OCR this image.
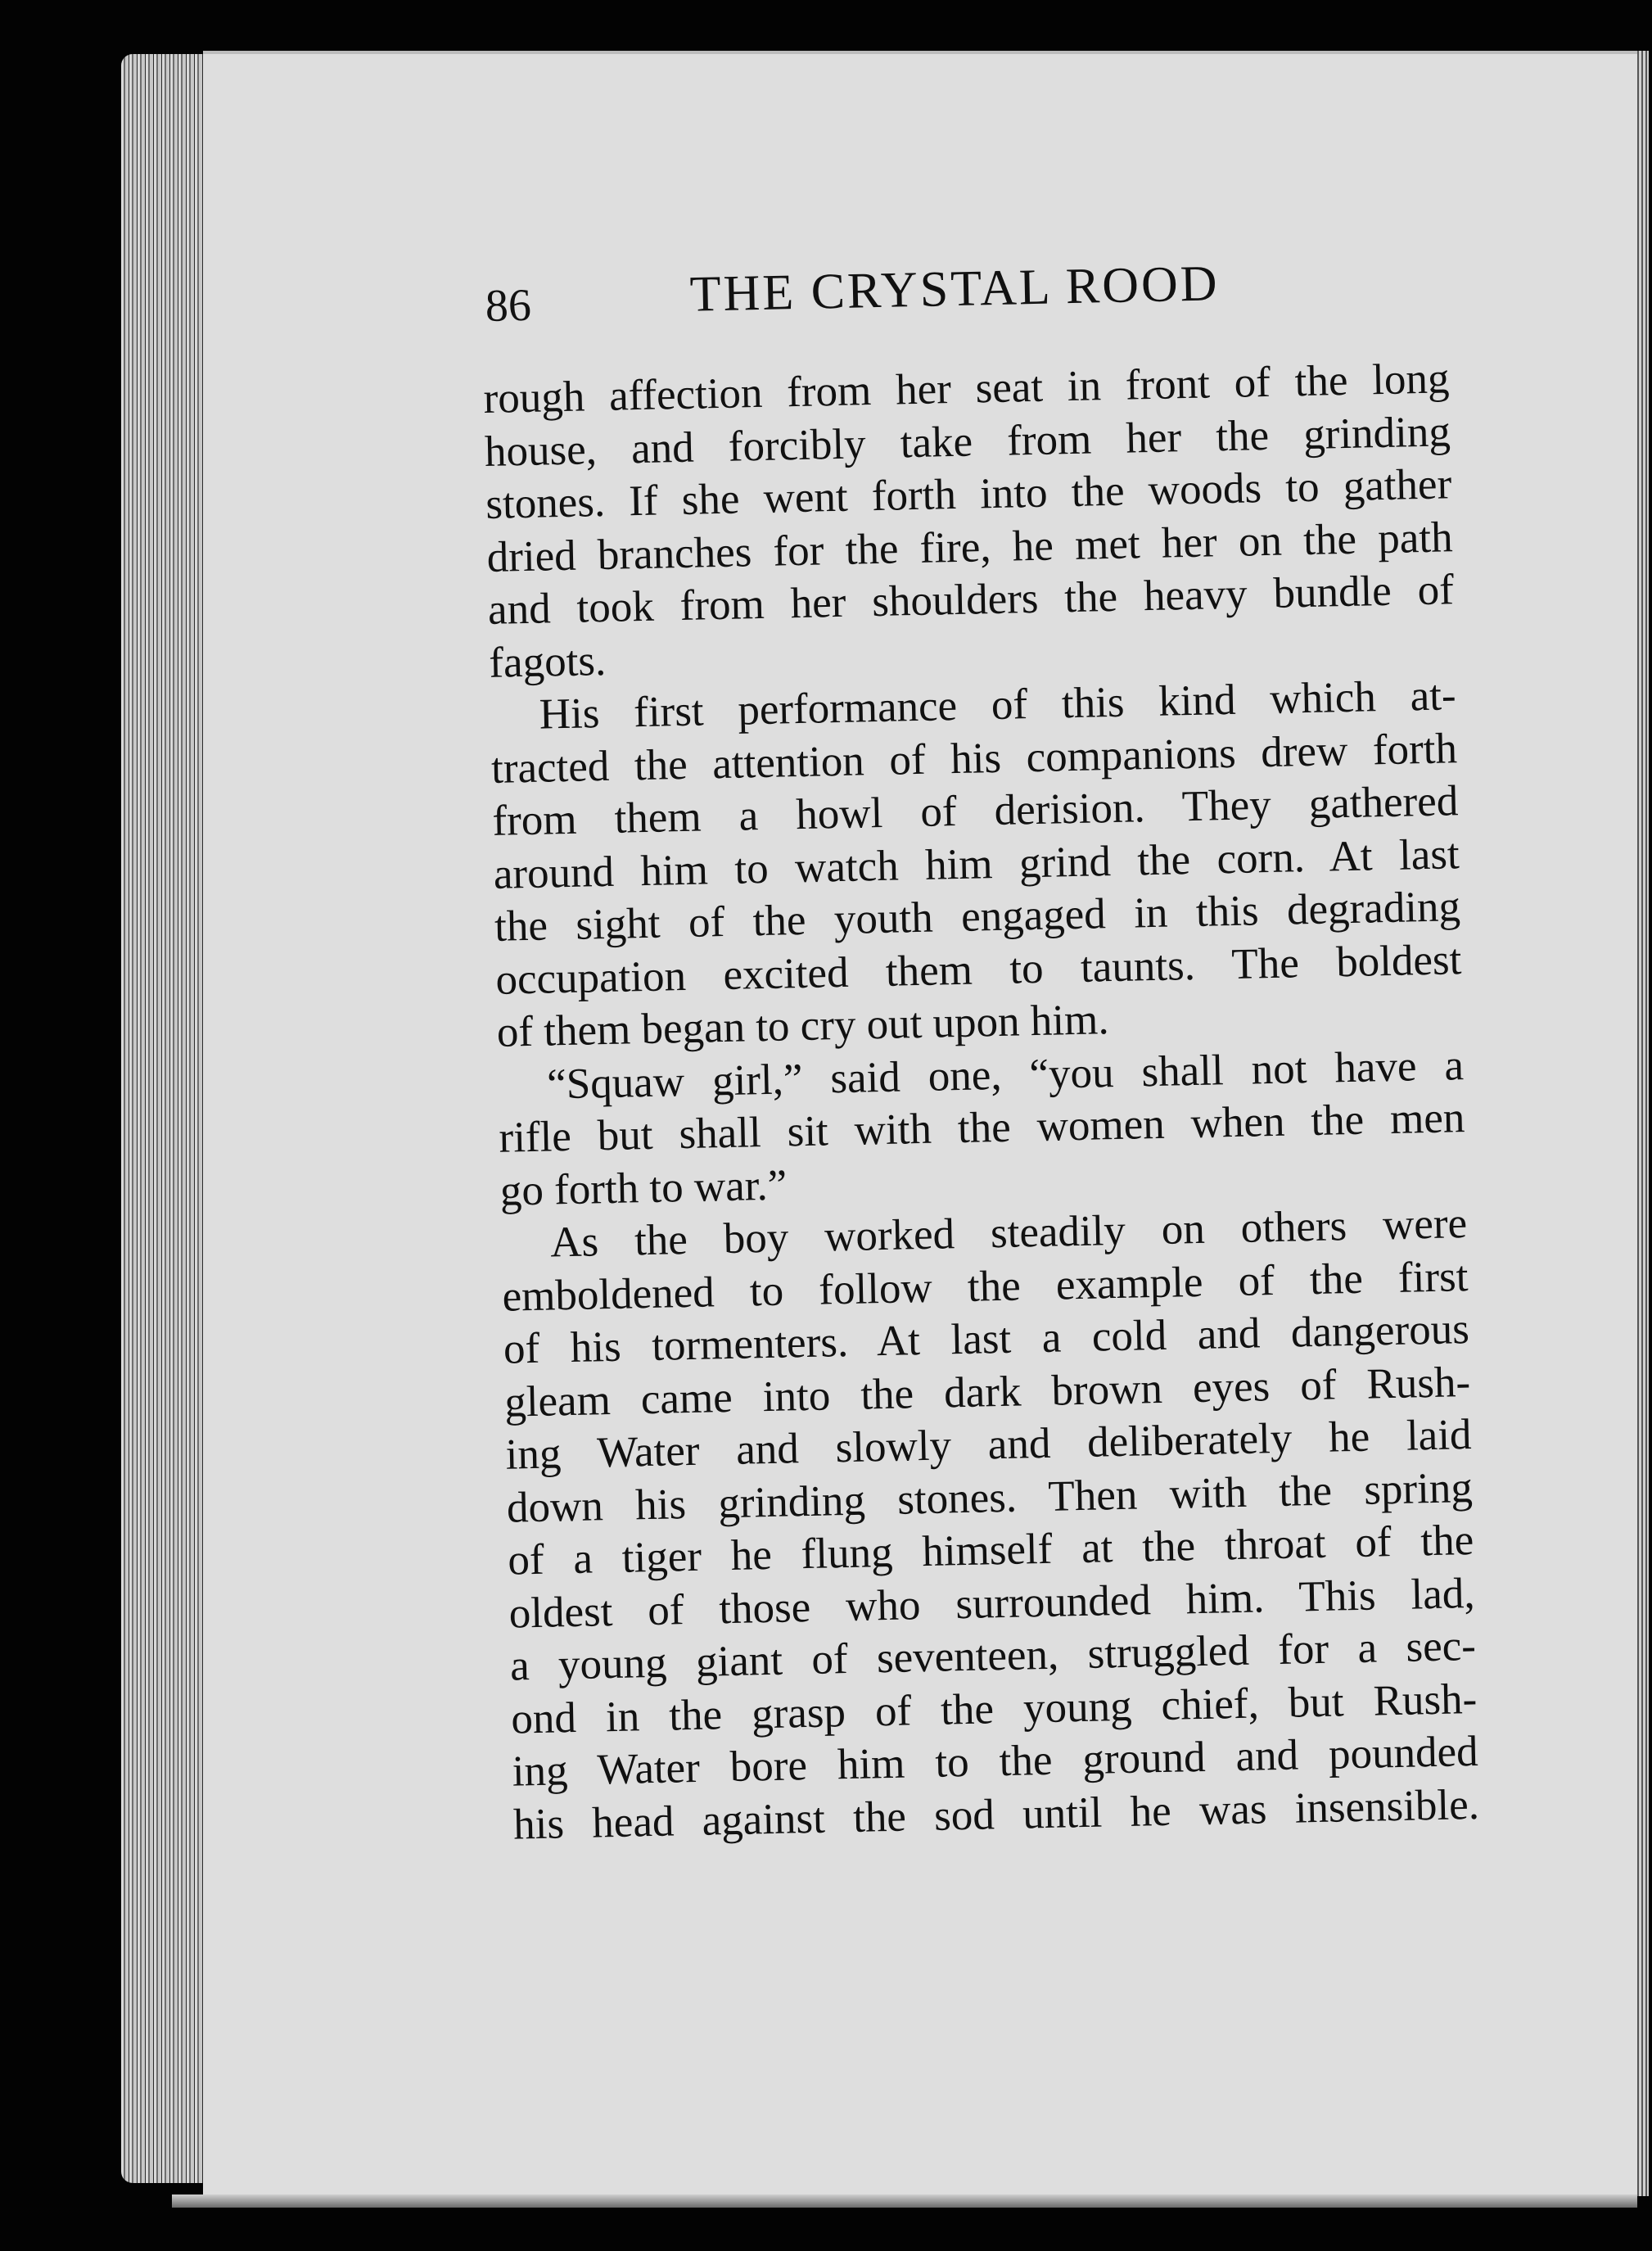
86	THE CRYSTAL ROOD
rough affection from her seat in front of the long
house, and forcibly take from her the grinding
stones. If she went forth into the woods to gather
dried branches for the fire, he met her on the path
and took from her shoulders the heavy bundle of
fagots.
His first performance of this kind which at-
tracted the attention of his companions drew forth
from them a howl of derision. They gathered
around him to watch him grind the corn. At last
the sight of the youth engaged in this degrading
occupation excited them to taunts. The boldest
of them began to cry out upon him.
“Squaw girl,” said one, “you shall not have a
rifle but shall sit with the women when the men
go forth to war.”
As the boy worked steadily on others were
emboldened to follow the example of the first
of his tormenters. At last a cold and dangerous
gleam came into the dark brown eyes of Rush-
ing Water and slowly and deliberately he laid
down his grinding stones. Then with the spring
of a tiger he flung himself at the throat of the
oldest of those who surrounded him. This lad,
a young giant of seventeen, struggled for a sec-
ond in the grasp of the young chief, but Rush-
ing Water bore him to the ground and pounded
his head against the sod until he was insensible.
